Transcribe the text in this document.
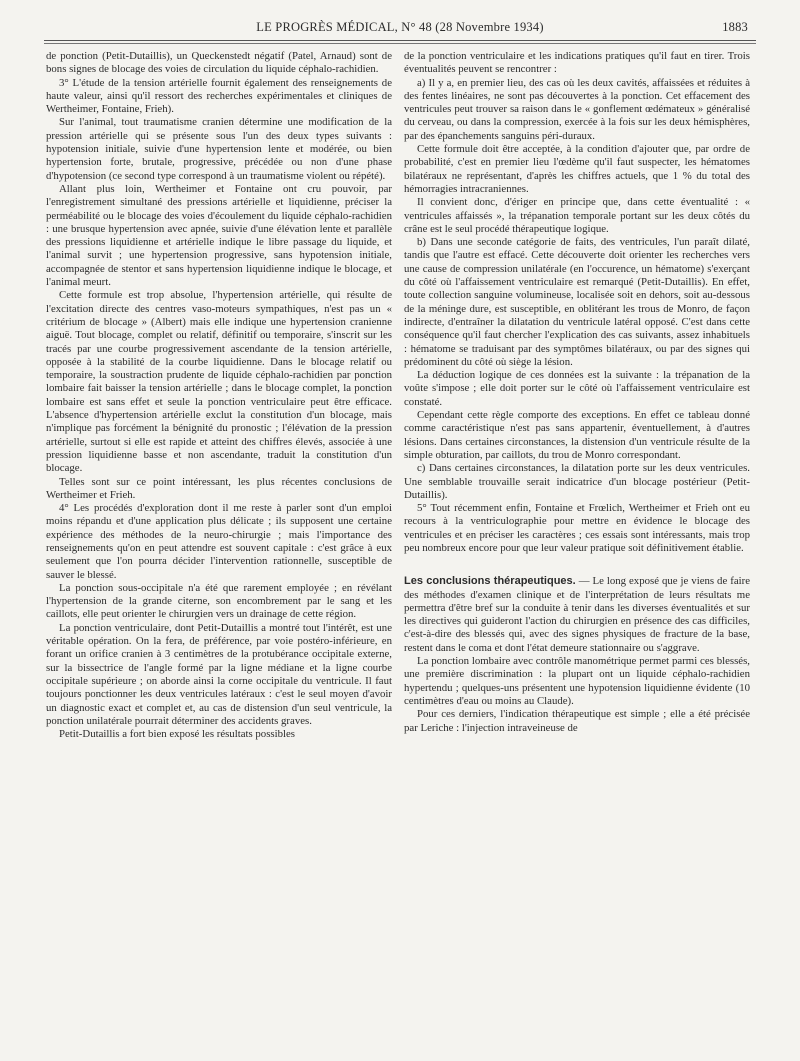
LE PROGRÈS MÉDICAL, N° 48 (28 Novembre 1934)	1883

de ponction (Petit-Dutaillis), un Queckenstedt négatif (Patel, Arnaud) sont de bons signes de blocage des voies de circulation du liquide céphalo-rachidien.

3° L'étude de la tension artérielle fournit également des renseignements de haute valeur, ainsi qu'il ressort des recherches expérimentales et cliniques de Wertheimer, Fontaine, Frieh).

Sur l'animal, tout traumatisme cranien détermine une modification de la pression artérielle qui se présente sous l'un des deux types suivants : hypotension initiale, suivie d'une hypertension lente et modérée, ou bien hypertension forte, brutale, progressive, précédée ou non d'une phase d'hypotension (ce second type correspond à un traumatisme violent ou répété).

Allant plus loin, Wertheimer et Fontaine ont cru pouvoir, par l'enregistrement simultané des pressions artérielle et liquidienne, préciser la perméabilité ou le blocage des voies d'écoulement du liquide céphalo-rachidien : une brusque hypertension avec apnée, suivie d'une élévation lente et parallèle des pressions liquidienne et artérielle indique le libre passage du liquide, et l'animal survit ; une hypertension progressive, sans hypotension initiale, accompagnée de stentor et sans hypertension liquidienne indique le blocage, et l'animal meurt.

Cette formule est trop absolue, l'hypertension artérielle, qui résulte de l'excitation directe des centres vaso-moteurs sympathiques, n'est pas un « critérium de blocage » (Albert) mais elle indique une hypertension cranienne aiguë. Tout blocage, complet ou relatif, définitif ou temporaire, s'inscrit sur les tracés par une courbe progressivement ascendante de la tension artérielle, opposée à la stabilité de la courbe liquidienne. Dans le blocage relatif ou temporaire, la soustraction prudente de liquide céphalo-rachidien par ponction lombaire fait baisser la tension artérielle ; dans le blocage complet, la ponction lombaire est sans effet et seule la ponction ventriculaire peut être efficace. L'absence d'hypertension artérielle exclut la constitution d'un blocage, mais n'implique pas forcément la bénignité du pronostic ; l'élévation de la pression artérielle, surtout si elle est rapide et atteint des chiffres élevés, associée à une pression liquidienne basse et non ascendante, traduit la constitution d'un blocage.

Telles sont sur ce point intéressant, les plus récentes conclusions de Wertheimer et Frieh.

4° Les procédés d'exploration dont il me reste à parler sont d'un emploi moins répandu et d'une application plus délicate ; ils supposent une certaine expérience des méthodes de la neuro-chirurgie ; mais l'importance des renseignements qu'on en peut attendre est souvent capitale : c'est grâce à eux seulement que l'on pourra décider l'intervention rationnelle, susceptible de sauver le blessé.

La ponction sous-occipitale n'a été que rarement employée ; en révélant l'hypertension de la grande citerne, son encombrement par le sang et les caillots, elle peut orienter le chirurgien vers un drainage de cette région.

La ponction ventriculaire, dont Petit-Dutaillis a montré tout l'intérêt, est une véritable opération. On la fera, de préférence, par voie postéro-inférieure, en forant un orifice cranien à 3 centimètres de la protubérance occipitale externe, sur la bissectrice de l'angle formé par la ligne médiane et la ligne courbe occipitale supérieure ; on aborde ainsi la corne occipitale du ventricule. Il faut toujours ponctionner les deux ventricules latéraux : c'est le seul moyen d'avoir un diagnostic exact et complet et, au cas de distension d'un seul ventricule, la ponction unilatérale pourrait déterminer des accidents graves.

Petit-Dutaillis a fort bien exposé les résultats possibles

de la ponction ventriculaire et les indications pratiques qu'il faut en tirer. Trois éventualités peuvent se rencontrer :

a) Il y a, en premier lieu, des cas où les deux cavités, affaissées et réduites à des fentes linéaires, ne sont pas découvertes à la ponction. Cet effacement des ventricules peut trouver sa raison dans le « gonflement œdémateux » généralisé du cerveau, ou dans la compression, exercée à la fois sur les deux hémisphères, par des épanchements sanguins péri-duraux.

Cette formule doit être acceptée, à la condition d'ajouter que, par ordre de probabilité, c'est en premier lieu l'œdème qu'il faut suspecter, les hématomes bilatéraux ne représentant, d'après les chiffres actuels, que 1 % du total des hémorragies intracraniennes.

Il convient donc, d'ériger en principe que, dans cette éventualité : « ventricules affaissés », la trépanation temporale portant sur les deux côtés du crâne est le seul procédé thérapeutique logique.

b) Dans une seconde catégorie de faits, des ventricules, l'un paraît dilaté, tandis que l'autre est effacé. Cette découverte doit orienter les recherches vers une cause de compression unilatérale (en l'occurence, un hématome) s'exerçant du côté où l'affaissement ventriculaire est remarqué (Petit-Dutaillis). En effet, toute collection sanguine volumineuse, localisée soit en dehors, soit au-dessous de la méninge dure, est susceptible, en oblitérant les trous de Monro, de façon indirecte, d'entraîner la dilatation du ventricule latéral opposé. C'est dans cette conséquence qu'il faut chercher l'explication des cas suivants, assez inhabituels : hématome se traduisant par des symptômes bilatéraux, ou par des signes qui prédominent du côté où siège la lésion.

La déduction logique de ces données est la suivante : la trépanation de la voûte s'impose ; elle doit porter sur le côté où l'affaissement ventriculaire est constaté.

Cependant cette règle comporte des exceptions. En effet ce tableau donné comme caractéristique n'est pas sans appartenir, éventuellement, à d'autres lésions. Dans certaines circonstances, la distension d'un ventricule résulte de la simple obturation, par caillots, du trou de Monro correspondant.

c) Dans certaines circonstances, la dilatation porte sur les deux ventricules. Une semblable trouvaille serait indicatrice d'un blocage postérieur (Petit-Dutaillis).

5° Tout récemment enfin, Fontaine et Frœlich, Wertheimer et Frieh ont eu recours à la ventriculographie pour mettre en évidence le blocage des ventricules et en préciser les caractères ; ces essais sont intéressants, mais trop peu nombreux encore pour que leur valeur pratique soit définitivement établie.

Les conclusions thérapeutiques. — Le long exposé que je viens de faire des méthodes d'examen clinique et de l'interprétation de leurs résultats me permettra d'être bref sur la conduite à tenir dans les diverses éventualités et sur les directives qui guideront l'action du chirurgien en présence des cas difficiles, c'est-à-dire des blessés qui, avec des signes physiques de fracture de la base, restent dans le coma et dont l'état demeure stationnaire ou s'aggrave.

La ponction lombaire avec contrôle manométrique permet parmi ces blessés, une première discrimination : la plupart ont un liquide céphalo-rachidien hypertendu ; quelques-uns présentent une hypotension liquidienne évidente (10 centimètres d'eau ou moins au Claude).

Pour ces derniers, l'indication thérapeutique est simple ; elle a été précisée par Leriche : l'injection intraveineuse de
